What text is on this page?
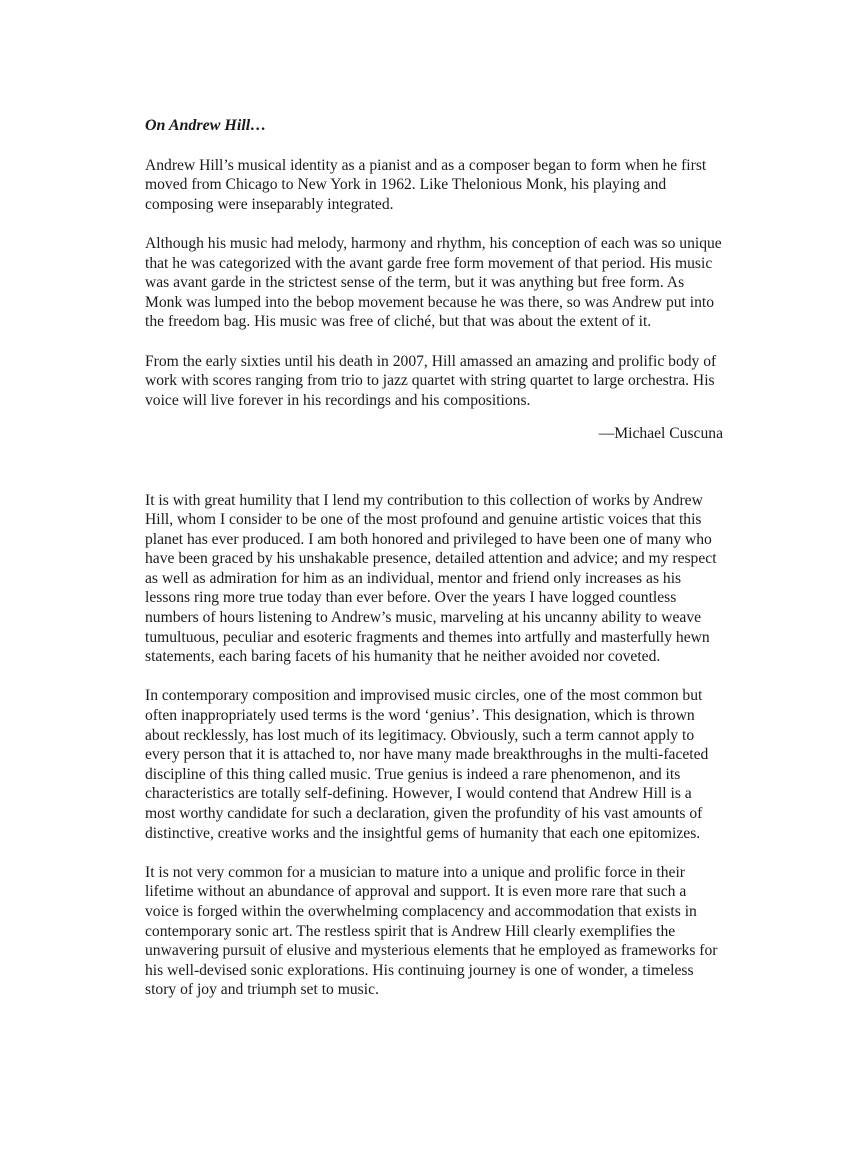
On Andrew Hill…

Andrew Hill’s musical identity as a pianist and as a composer began to form when he first moved from Chicago to New York in 1962. Like Thelonious Monk, his playing and composing were inseparably integrated.

Although his music had melody, harmony and rhythm, his conception of each was so unique that he was categorized with the avant garde free form movement of that period. His music was avant garde in the strictest sense of the term, but it was anything but free form. As Monk was lumped into the bebop movement because he was there, so was Andrew put into the freedom bag. His music was free of cliché, but that was about the extent of it.

From the early sixties until his death in 2007, Hill amassed an amazing and prolific body of work with scores ranging from trio to jazz quartet with string quartet to large orchestra. His voice will live forever in his recordings and his compositions.

—Michael Cuscuna

It is with great humility that I lend my contribution to this collection of works by Andrew Hill, whom I consider to be one of the most profound and genuine artistic voices that this planet has ever produced. I am both honored and privileged to have been one of many who have been graced by his unshakable presence, detailed attention and advice; and my respect as well as admiration for him as an individual, mentor and friend only increases as his lessons ring more true today than ever before. Over the years I have logged countless numbers of hours listening to Andrew’s music, marveling at his uncanny ability to weave tumultuous, peculiar and esoteric fragments and themes into artfully and masterfully hewn statements, each baring facets of his humanity that he neither avoided nor coveted.

In contemporary composition and improvised music circles, one of the most common but often inappropriately used terms is the word ‘genius’. This designation, which is thrown about recklessly, has lost much of its legitimacy. Obviously, such a term cannot apply to every person that it is attached to, nor have many made breakthroughs in the multi-faceted discipline of this thing called music. True genius is indeed a rare phenomenon, and its characteristics are totally self-defining. However, I would contend that Andrew Hill is a most worthy candidate for such a declaration, given the profundity of his vast amounts of distinctive, creative works and the insightful gems of humanity that each one epitomizes.

It is not very common for a musician to mature into a unique and prolific force in their lifetime without an abundance of approval and support. It is even more rare that such a voice is forged within the overwhelming complacency and accommodation that exists in contemporary sonic art. The restless spirit that is Andrew Hill clearly exemplifies the unwavering pursuit of elusive and mysterious elements that he employed as frameworks for his well-devised sonic explorations. His continuing journey is one of wonder, a timeless story of joy and triumph set to music.
